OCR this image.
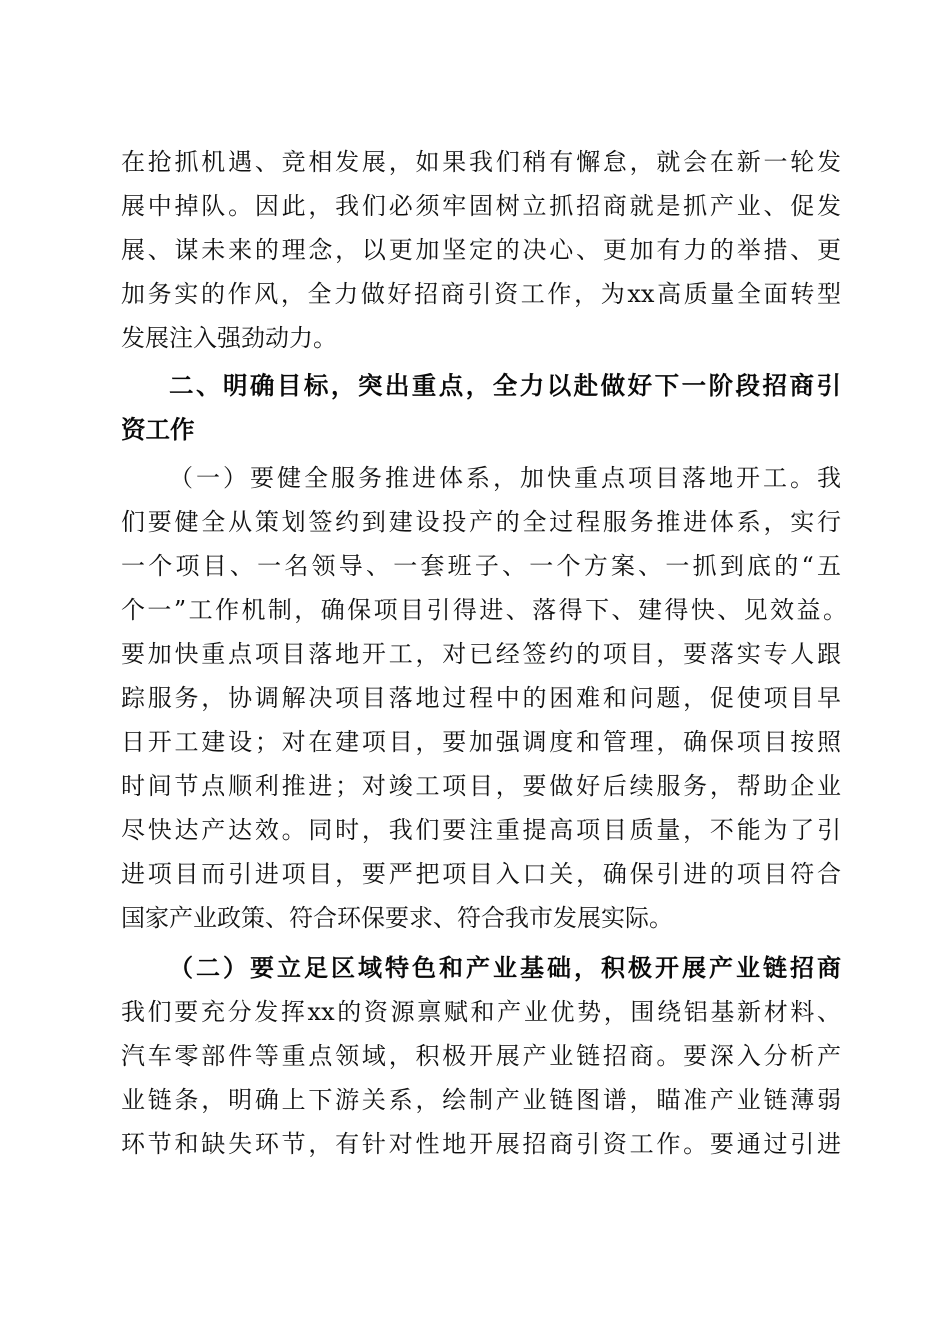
在抢抓机遇、竞相发展，如果我们稍有懈怠，就会在新一轮发
展中掉队。因此，我们必须牢固树立抓招商就是抓产业、促发
展、谋未来的理念，以更加坚定的决心、更加有力的举措、更
加务实的作风，全力做好招商引资工作，为xx高质量全面转型
发展注入强劲动力。
二、明确目标，突出重点，全力以赴做好下一阶段招商引
资工作
（一）要健全服务推进体系，加快重点项目落地开工。我
们要健全从策划签约到建设投产的全过程服务推进体系，实行
一个项目、一名领导、一套班子、一个方案、一抓到底的“五
个一”工作机制，确保项目引得进、落得下、建得快、见效益。
要加快重点项目落地开工，对已经签约的项目，要落实专人跟
踪服务，协调解决项目落地过程中的困难和问题，促使项目早
日开工建设；对在建项目，要加强调度和管理，确保项目按照
时间节点顺利推进；对竣工项目，要做好后续服务，帮助企业
尽快达产达效。同时，我们要注重提高项目质量，不能为了引
进项目而引进项目，要严把项目入口关，确保引进的项目符合
国家产业政策、符合环保要求、符合我市发展实际。
（二）要立足区域特色和产业基础，积极开展产业链招商
我们要充分发挥xx的资源禀赋和产业优势，围绕铝基新材料、
汽车零部件等重点领域，积极开展产业链招商。要深入分析产
业链条，明确上下游关系，绘制产业链图谱，瞄准产业链薄弱
环节和缺失环节，有针对性地开展招商引资工作。要通过引进
